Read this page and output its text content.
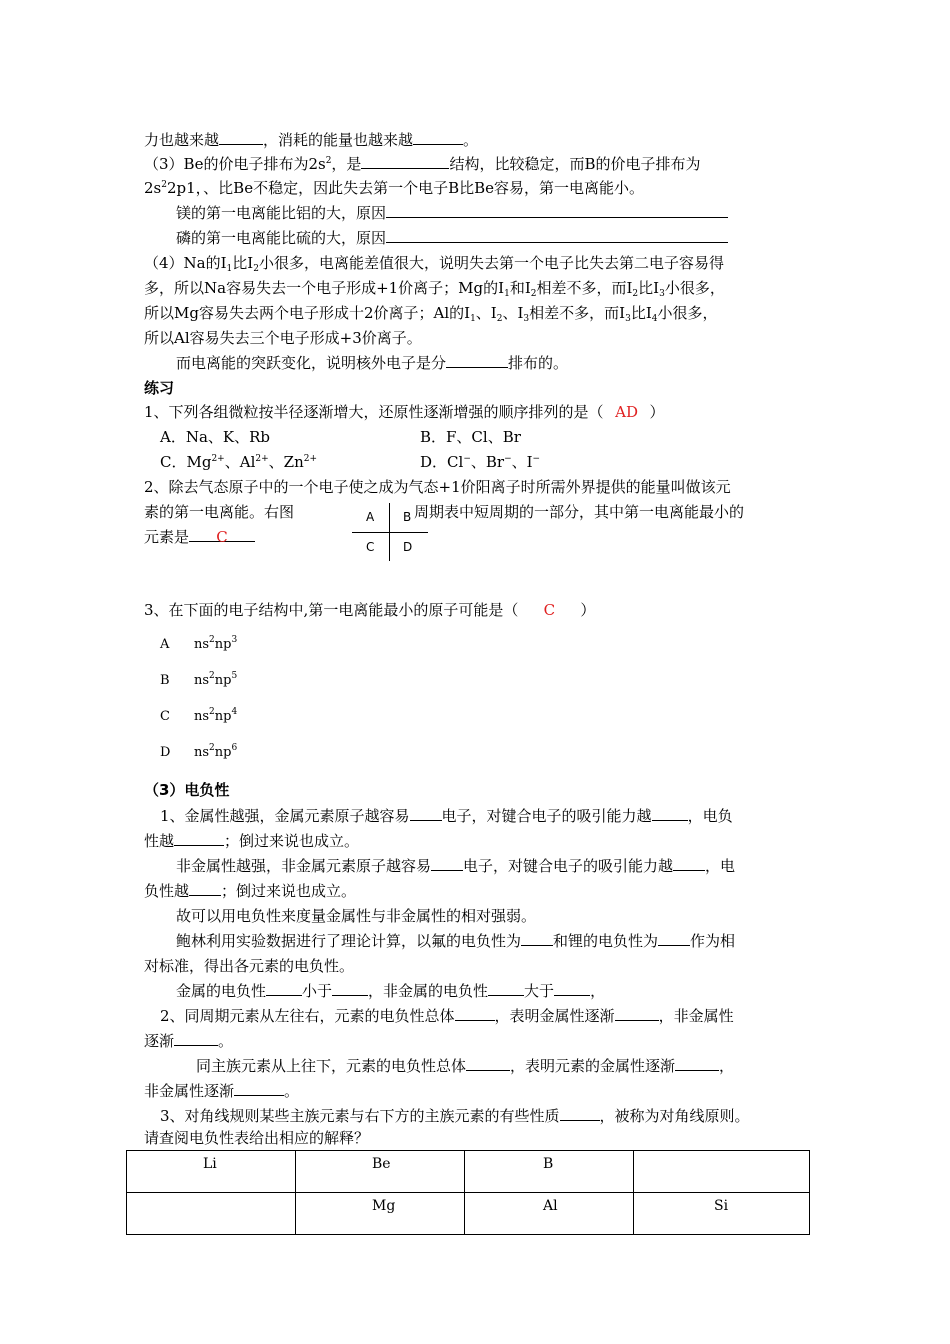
力也越来越	，消耗的能量也越来越	。
（3）Be的价电子排布为$2s^2$，是	结构，比较稳定，而B的价电子排布为
$2s^22p1$，、比Be不稳定，因此失去第一个电子B比Be容易，第一电离能小。
镁的第一电离能比铝的大，原因
磷的第一电离能比硫的大，原因
（4）Na的$I_1$比$I_2$小很多，电离能差值很大，说明失去第一个电子比失去第二电子容易得
多，所以Na容易失去一个电子形成+1价离子；Mg的$I_1$和$I_2$相差不多，而$I_2$比$I_3$小很多，
所以Mg容易失去两个电子形成十2价离子；Al的$I_1$、$I_2$、$I_3$相差不多，而$I_3$比$I_4$小很多，
所以Al容易失去三个电子形成+3价离子。
而电离能的突跃变化，说明核外电子是分	排布的。
练习
1、下列各组微粒按半径逐渐增大，还原性逐渐增强的顺序排列的是（ AD ）
A．Na、K、Rb	B．F、Cl、Br
C．$Mg^{2+}$、$Al^{2+}$、$Zn^{2+}$	D．Cl−、Br−、I−
2、除去气态原子中的一个电子使之成为气态+1价阳离子时所需外界提供的能量叫做该元
素的第一电离能。右图	周期表中短周期的一部分，其中第一电离能最小的
元素是 C
A B
C D
3、在下面的电子结构中,第一电离能最小的原子可能是（ C ）
A $ns^2np^3$
B $ns^2np^5$
C $ns^2np^4$
D $ns^2np^6$
（3）电负性
1、金属性越强，金属元素原子越容易 电子，对键合电子的吸引能力越 ，电负
性越	；倒过来说也成立。
非金属性越强，非金属元素原子越容易 电子，对键合电子的吸引能力越 ，电
负性越 ；倒过来说也成立。
故可以用电负性来度量金属性与非金属性的相对强弱。
鲍林利用实验数据进行了理论计算，以氟的电负性为 和锂的电负性为 作为相
对标准，得出各元素的电负性。
金属的电负性 小于 ，非金属的电负性 大于 ，
2、同周期元素从左往右，元素的电负性总体	，表明金属性逐渐	，非金属性
逐渐	。
同主族元素从上往下，元素的电负性总体	，表明元素的金属性逐渐	，
非金属性逐渐	。
3、对角线规则某些主族元素与右下方的主族元素的有些性质	，被称为对角线原则。
请查阅电负性表给出相应的解释？
Li	Be	B	
	Mg	Al	Si
